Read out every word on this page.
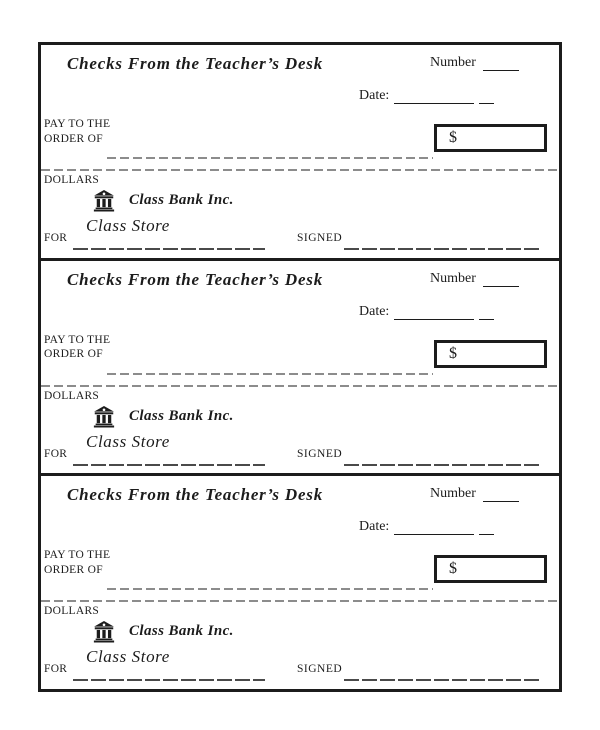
Checks From the Teacher’s Desk	Number
Date:
PAY TO THE
ORDER OF	$
DOLLARS
Class Bank Inc.
FOR
Class Store
SIGNED
Checks From the Teacher’s Desk	Number
Date:
PAY TO THE
ORDER OF	$
DOLLARS
Class Bank Inc.
FOR
Class Store
SIGNED
Checks From the Teacher’s Desk	Number
Date:
PAY TO THE
ORDER OF	$
DOLLARS
Class Bank Inc.
FOR
Class Store
SIGNED
